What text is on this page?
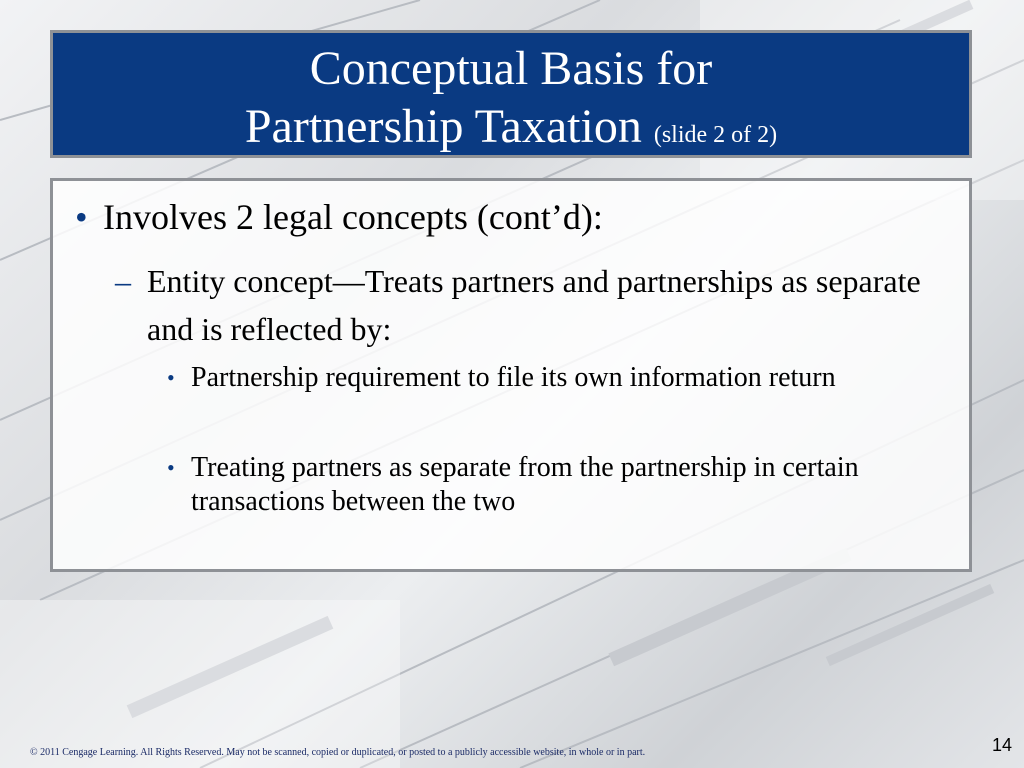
Conceptual Basis for
Partnership Taxation (slide 2 of 2)
• Involves 2 legal concepts (cont’d):
– Entity concept—Treats partners and partnerships as separate and is reflected by:
• Partnership requirement to file its own information return
• Treating partners as separate from the partnership in certain transactions between the two
© 2011 Cengage Learning. All Rights Reserved. May not be scanned, copied or duplicated, or posted to a publicly accessible website, in whole or in part.	14
